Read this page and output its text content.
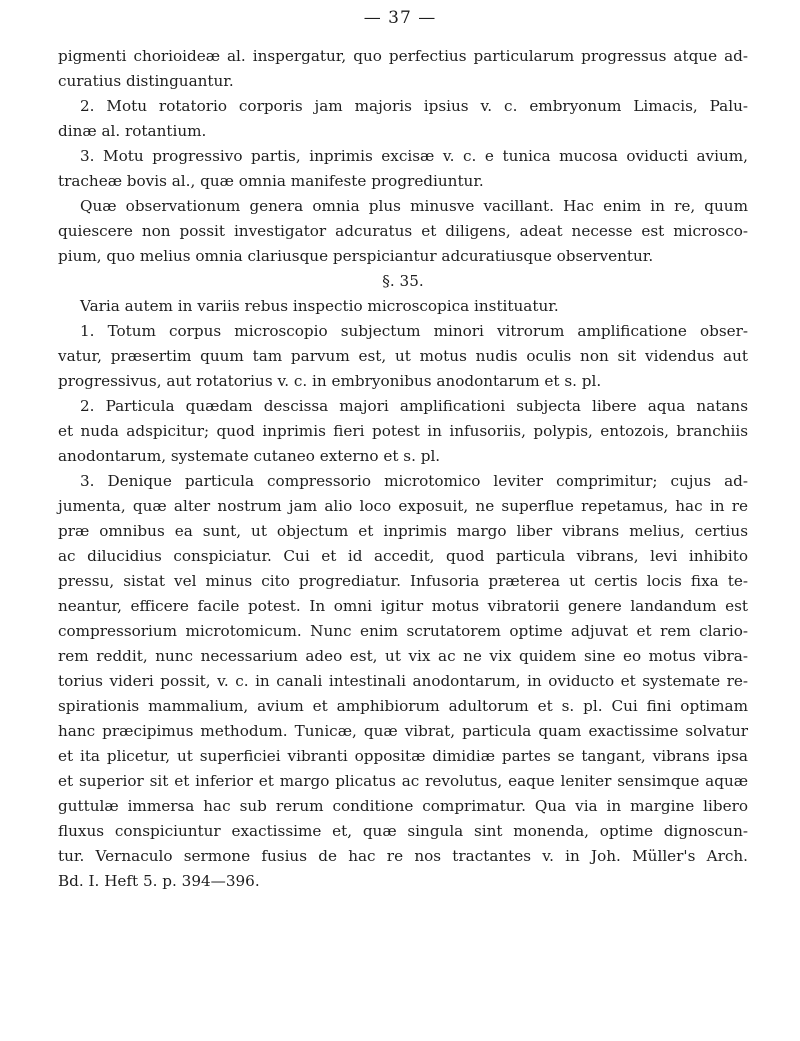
— 37 —

pigmenti chorioideæ al. inspergatur, quo perfectius particularum progressus atque ad-

curatius distinguantur.

2. Motu rotatorio corporis jam majoris ipsius v. c. embryonum Limacis, Palu-

dinæ al. rotantium.

3. Motu progressivo partis, inprimis excisæ v. c. e tunica mucosa oviducti avium,

tracheæ bovis al., quæ omnia manifeste progrediuntur.

Quæ observationum genera omnia plus minusve vacillant. Hac enim in re, quum

quiescere non possit investigator adcuratus et diligens, adeat necesse est microsco-

pium, quo melius omnia clariusque perspiciantur adcuratiusque observentur.

§. 35.

Varia autem in variis rebus inspectio microscopica instituatur.

1. Totum corpus microscopio subjectum minori vitrorum amplificatione obser-

vatur, præsertim quum tam parvum est, ut motus nudis oculis non sit videndus aut

progressivus, aut rotatorius v. c. in embryonibus anodontarum et s. pl.

2. Particula quædam descissa majori amplificationi subjecta libere aqua natans

et nuda adspicitur; quod inprimis fieri potest in infusoriis, polypis, entozois, branchiis

anodontarum, systemate cutaneo externo et s. pl.

3. Denique particula compressorio microtomico leviter comprimitur; cujus ad-

jumenta, quæ alter nostrum jam alio loco exposuit, ne superflue repetamus, hac in re

præ omnibus ea sunt, ut objectum et inprimis margo liber vibrans melius, certius

ac dilucidius conspiciatur. Cui et id accedit, quod particula vibrans, levi inhibito

pressu, sistat vel minus cito progrediatur. Infusoria præterea ut certis locis fixa te-

neantur, efficere facile potest. In omni igitur motus vibratorii genere landandum est

compressorium microtomicum. Nunc enim scrutatorem optime adjuvat et rem clario-

rem reddit, nunc necessarium adeo est, ut vix ac ne vix quidem sine eo motus vibra-

torius videri possit, v. c. in canali intestinali anodontarum, in oviducto et systemate re-

spirationis mammalium, avium et amphibiorum adultorum et s. pl. Cui fini optimam

hanc præcipimus methodum. Tunicæ, quæ vibrat, particula quam exactissime solvatur

et ita plicetur, ut superficiei vibranti oppositæ dimidiæ partes se tangant, vibrans ipsa

et superior sit et inferior et margo plicatus ac revolutus, eaque leniter sensimque aquæ

guttulæ immersa hac sub rerum conditione comprimatur. Qua via in margine libero

fluxus conspiciuntur exactissime et, quæ singula sint monenda, optime dignoscun-

tur. Vernaculo sermone fusius de hac re nos tractantes v. in Joh. Müller's Arch.

Bd. I. Heft 5. p. 394—396.
